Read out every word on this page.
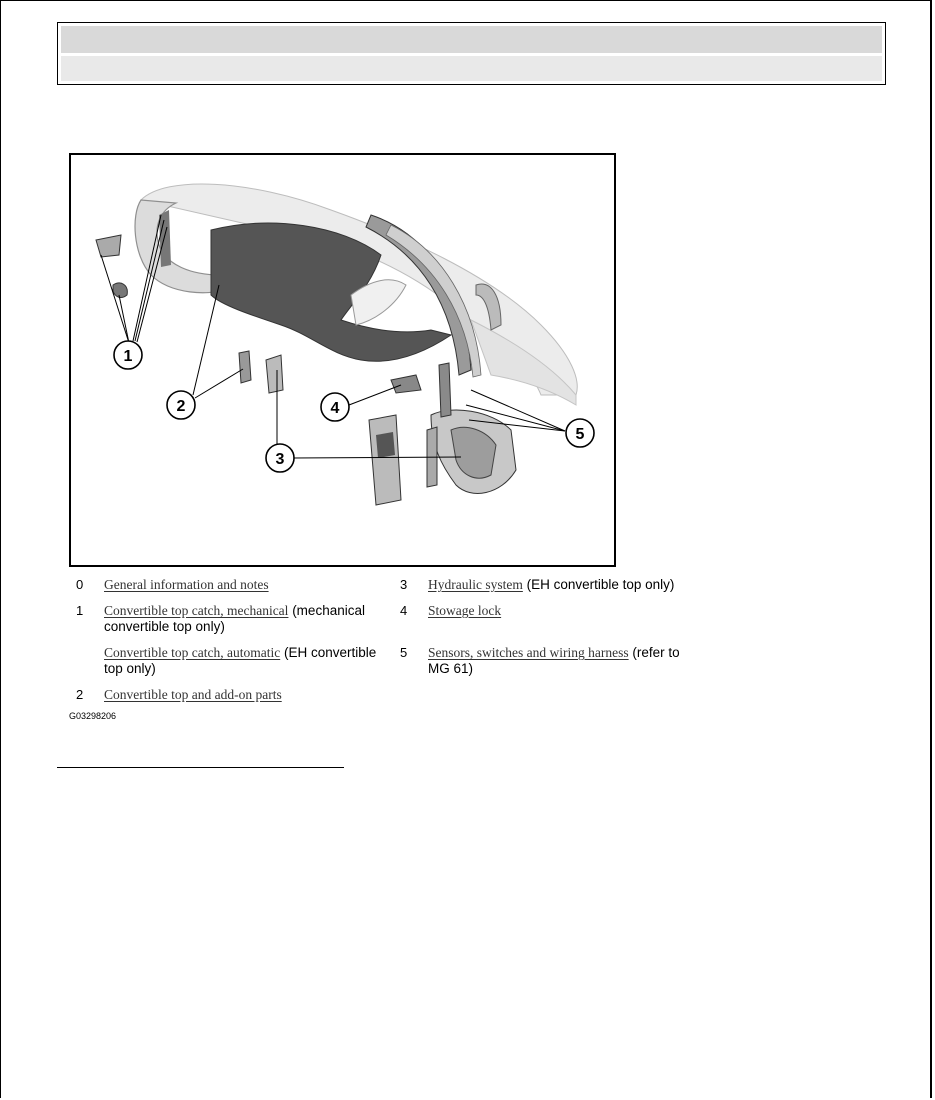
1
2
3
4
5
0 General information and notes
1 Convertible top catch, mechanical (mechanical convertible top only)
Convertible top catch, automatic (EH convertible top only)
2 Convertible top and add-on parts
3 Hydraulic system (EH convertible top only)
4 Stowage lock
5 Sensors, switches and wiring harness (refer to MG 61)
G03298206
